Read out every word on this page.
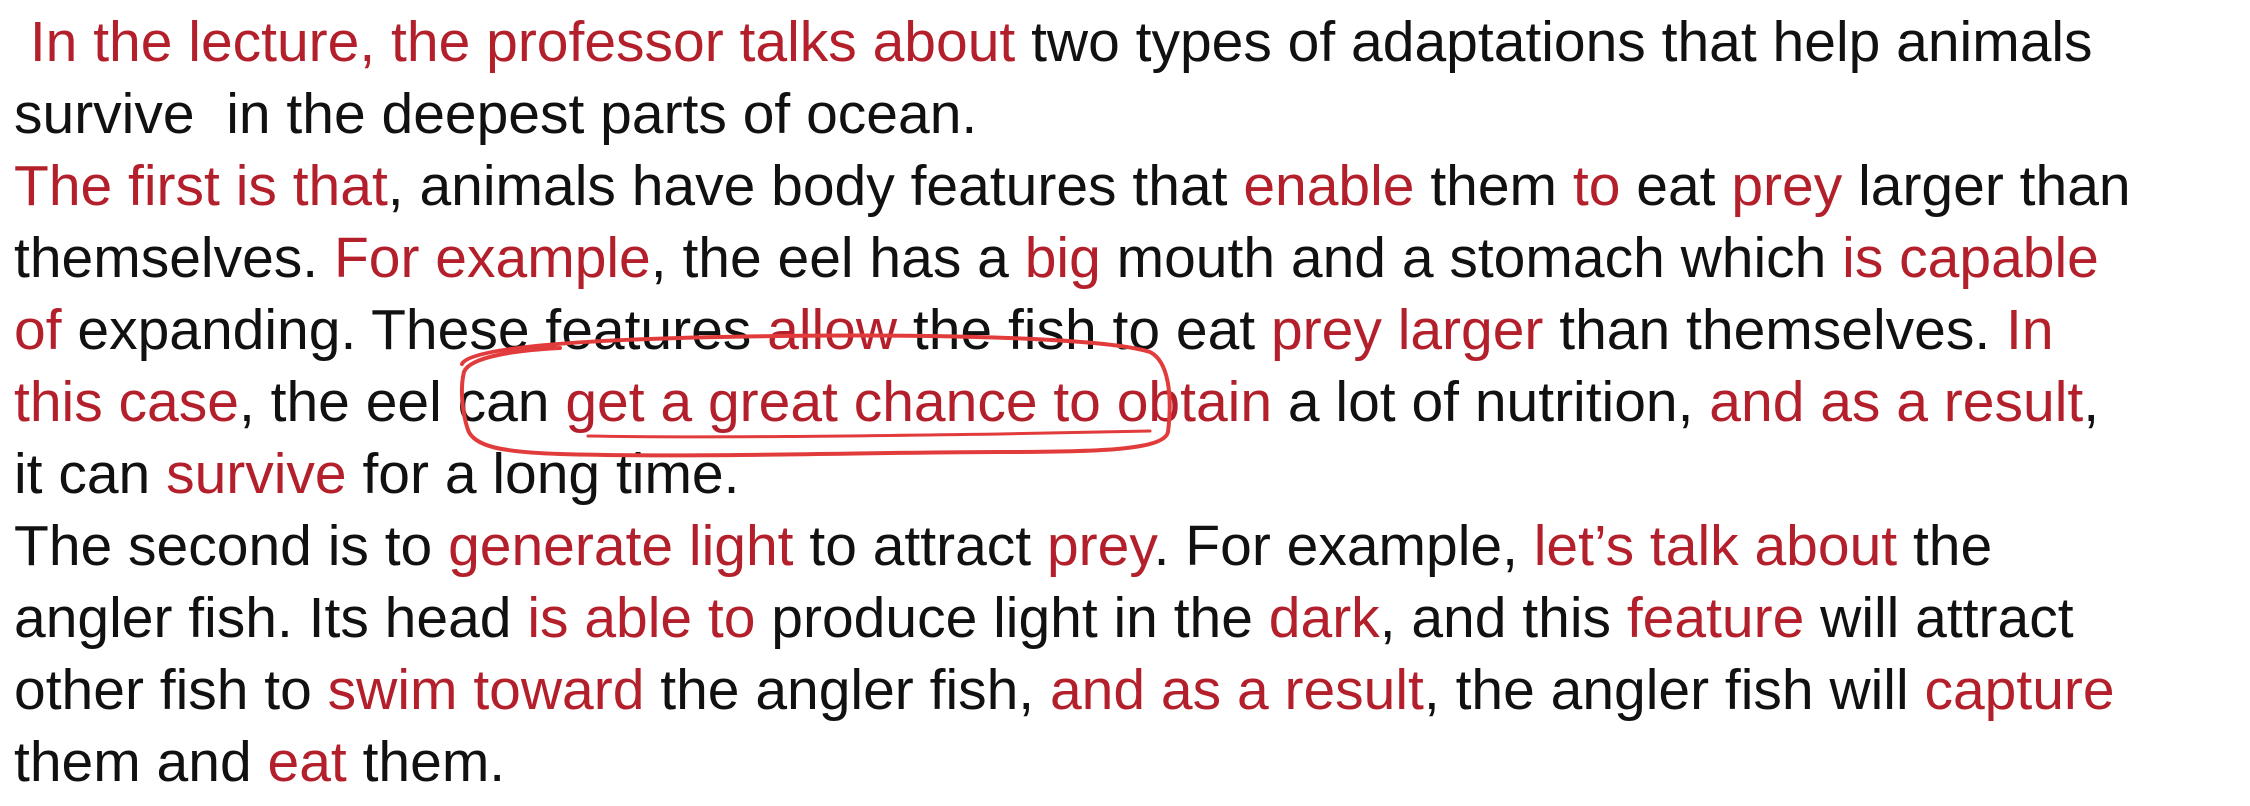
In the lecture, the professor talks about two types of adaptations that help animals
survive  in the deepest parts of ocean.
The first is that, animals have body features that enable them to eat prey larger than
themselves. For example, the eel has a big mouth and a stomach which is capable
of expanding. These features allow the fish to eat prey larger than themselves. In
this case, the eel can get a great chance to obtain a lot of nutrition, and as a result,
it can survive for a long time.
The second is to generate light to attract prey. For example, let’s talk about the
angler fish. Its head is able to produce light in the dark, and this feature will attract
other fish to swim toward the angler fish, and as a result, the angler fish will capture
them and eat them.
